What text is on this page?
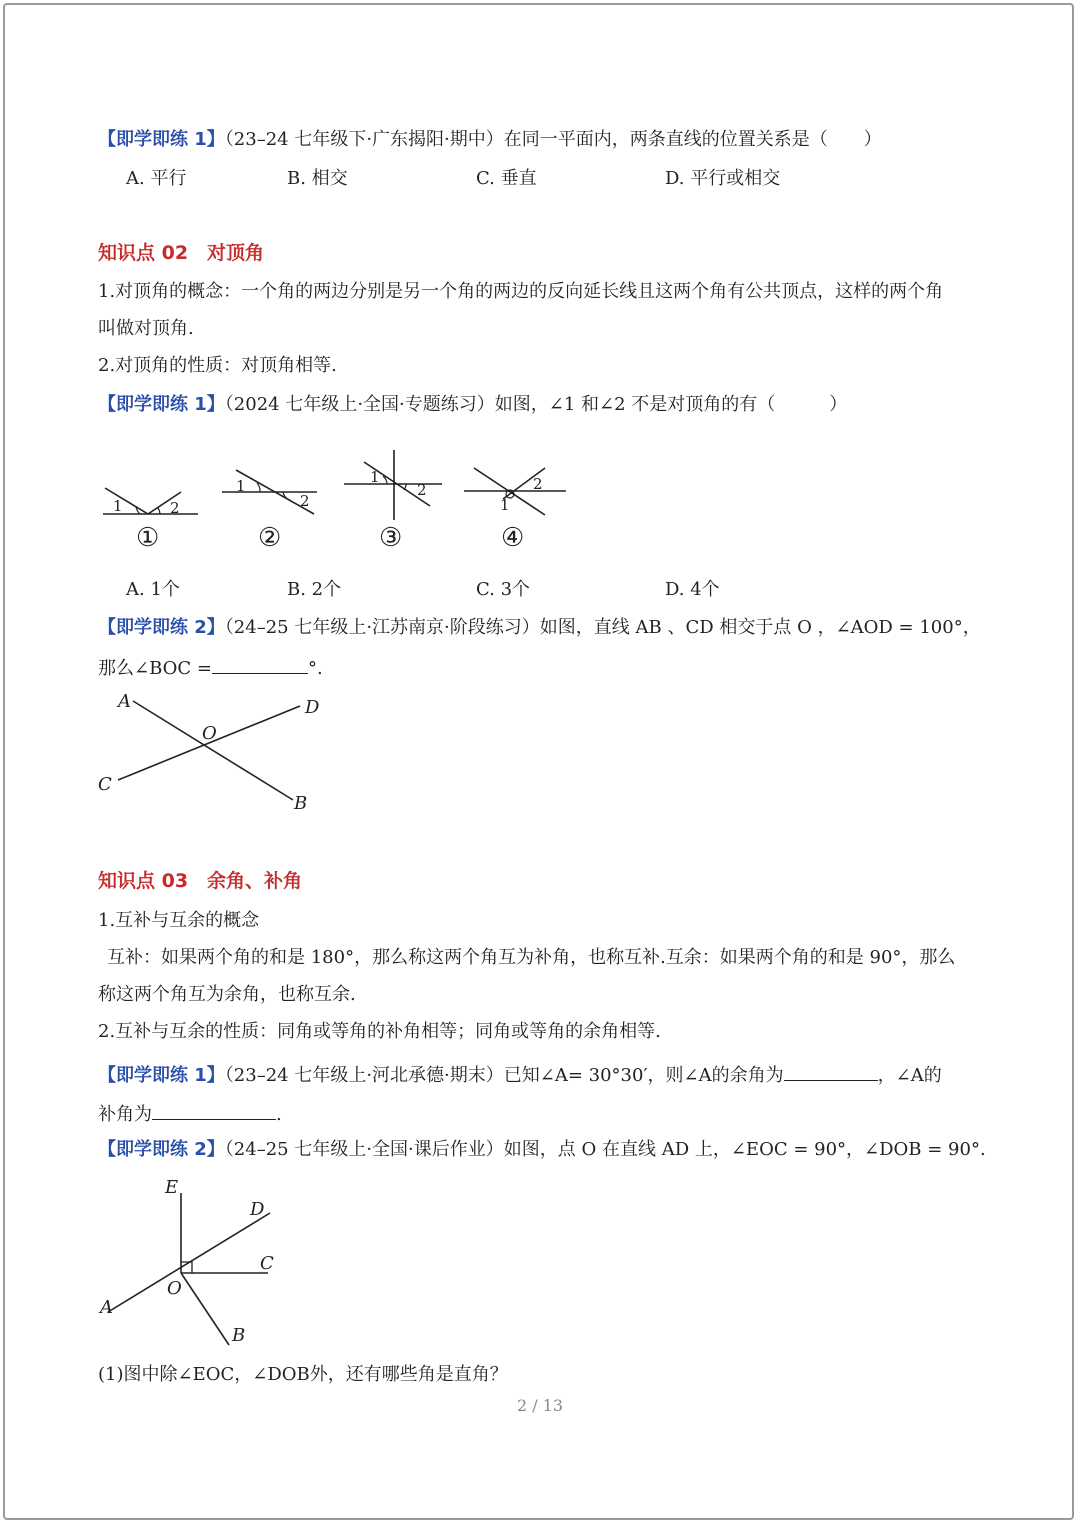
【即学即练 1】（23–24 七年级下·广东揭阳·期中）在同一平面内，两条直线的位置关系是（　　）
A. 平行	B. 相交	C. 垂直	D. 平行或相交
知识点 02　对顶角
1.对顶角的概念：一个角的两边分别是另一个角的两边的反向延长线且这两个角有公共顶点，这样的两个角
叫做对顶角.
2.对顶角的性质：对顶角相等.
【即学即练 1】（2024 七年级上·全国·专题练习）如图，∠1 和∠2 不是对顶角的有（　　　）
1	2
1
2
1
2
1
2
①	②	③	④
A. 1个	B. 2个	C. 3个	D. 4个
【即学即练 2】（24–25 七年级上·江苏南京·阶段练习）如图，直线 AB 、CD 相交于点 O ，∠AOD = 100°，
那么∠BOC =	°.
A	D
O
C
B
知识点 03　余角、补角
1.互补与互余的概念
互补：如果两个角的和是 180°，那么称这两个角互为补角，也称互补.互余：如果两个角的和是 90°，那么
称这两个角互为余角，也称互余.
2.互补与互余的性质：同角或等角的补角相等；同角或等角的余角相等.
【即学即练 1】（23–24 七年级上·河北承德·期末）已知∠A= 30°30′，则∠A的余角为	，∠A的
补角为	.
【即学即练 2】（24–25 七年级上·全国·课后作业）如图，点 O 在直线 AD 上，∠EOC = 90°，∠DOB = 90°.
E
D
C
O
A
B
(1)图中除∠EOC，∠DOB外，还有哪些角是直角？
2 / 13
